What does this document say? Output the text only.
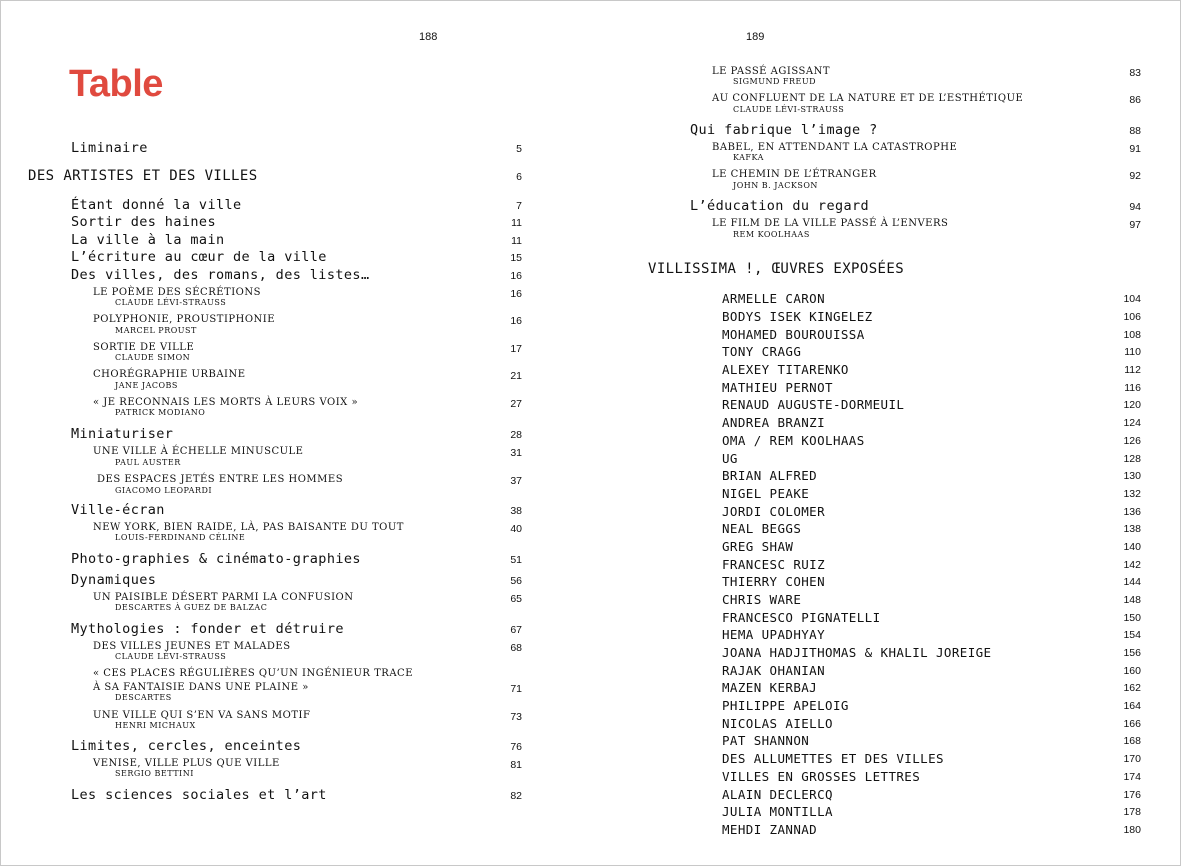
188	189
Table
Liminaire	5
DES ARTISTES ET DES VILLES	6
Étant donné la ville	7
Sortir des haines	11
La ville à la main	11
L’écriture au cœur de la ville	15
Des villes, des romans, des listes…	16
LE POÈME DES SÉCRÉTIONS	16
CLAUDE LÉVI-STRAUSS
POLYPHONIE, PROUSTIPHONIE	16
MARCEL PROUST
SORTIE DE VILLE	17
CLAUDE SIMON
CHORÉGRAPHIE URBAINE	21
JANE JACOBS
« JE RECONNAIS LES MORTS À LEURS VOIX »	27
PATRICK MODIANO
Miniaturiser	28
UNE VILLE À ÉCHELLE MINUSCULE	31
PAUL AUSTER
DES ESPACES JETÉS ENTRE LES HOMMES	37
GIACOMO LEOPARDI
Ville-écran	38
NEW YORK, BIEN RAIDE, LÀ, PAS BAISANTE DU TOUT	40
LOUIS-FERDINAND CÉLINE
Photo-graphies & cinémato-graphies	51
Dynamiques	56
UN PAISIBLE DÉSERT PARMI LA CONFUSION	65
DESCARTES À GUEZ DE BALZAC
Mythologies : fonder et détruire	67
DES VILLES JEUNES ET MALADES	68
CLAUDE LÉVI-STRAUSS
« CES PLACES RÉGULIÈRES QU’UN INGÉNIEUR TRACE
À SA FANTAISIE DANS UNE PLAINE »	71
DESCARTES
UNE VILLE QUI S’EN VA SANS MOTIF	73
HENRI MICHAUX
Limites, cercles, enceintes	76
VENISE, VILLE PLUS QUE VILLE	81
SERGIO BETTINI
Les sciences sociales et l’art	82
LE PASSÉ AGISSANT	83
SIGMUND FREUD
AU CONFLUENT DE LA NATURE ET DE L’ESTHÉTIQUE	86
CLAUDE LÉVI-STRAUSS
Qui fabrique l’image ?	88
BABEL, EN ATTENDANT LA CATASTROPHE	91
KAFKA
LE CHEMIN DE L’ÉTRANGER	92
JOHN B. JACKSON
L’éducation du regard	94
LE FILM DE LA VILLE PASSÉ À L’ENVERS	97
REM KOOLHAAS
VILLISSIMA !, ŒUVRES EXPOSÉES
ARMELLE CARON	104
BODYS ISEK KINGELEZ	106
MOHAMED BOUROUISSA	108
TONY CRAGG	110
ALEXEY TITARENKO	112
MATHIEU PERNOT	116
RENAUD AUGUSTE-DORMEUIL	120
ANDREA BRANZI	124
OMA / REM KOOLHAAS	126
UG	128
BRIAN ALFRED	130
NIGEL PEAKE	132
JORDI COLOMER	136
NEAL BEGGS	138
GREG SHAW	140
FRANCESC RUIZ	142
THIERRY COHEN	144
CHRIS WARE	148
FRANCESCO PIGNATELLI	150
HEMA UPADHYAY	154
JOANA HADJITHOMAS & KHALIL JOREIGE	156
RAJAK OHANIAN	160
MAZEN KERBAJ	162
PHILIPPE APELOIG	164
NICOLAS AIELLO	166
PAT SHANNON	168
DES ALLUMETTES ET DES VILLES	170
VILLES EN GROSSES LETTRES	174
ALAIN DECLERCQ	176
JULIA MONTILLA	178
MEHDI ZANNAD	180
